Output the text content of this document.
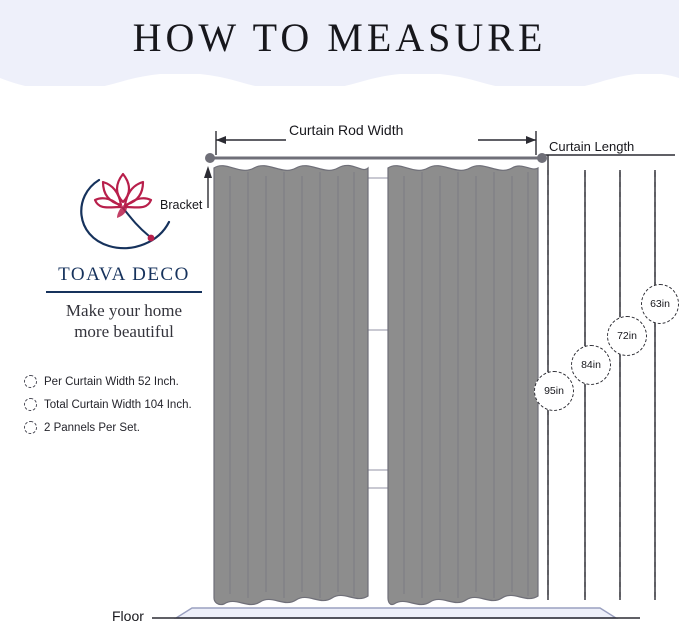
HOW TO MEASURE
TOAVA DECO
Make your home
more beautiful
Per Curtain Width 52 Inch.
Total Curtain Width 104 Inch.
2 Pannels Per Set.
Curtain Rod Width
Curtain Length
Bracket
Floor
95in
84in
72in
63in
